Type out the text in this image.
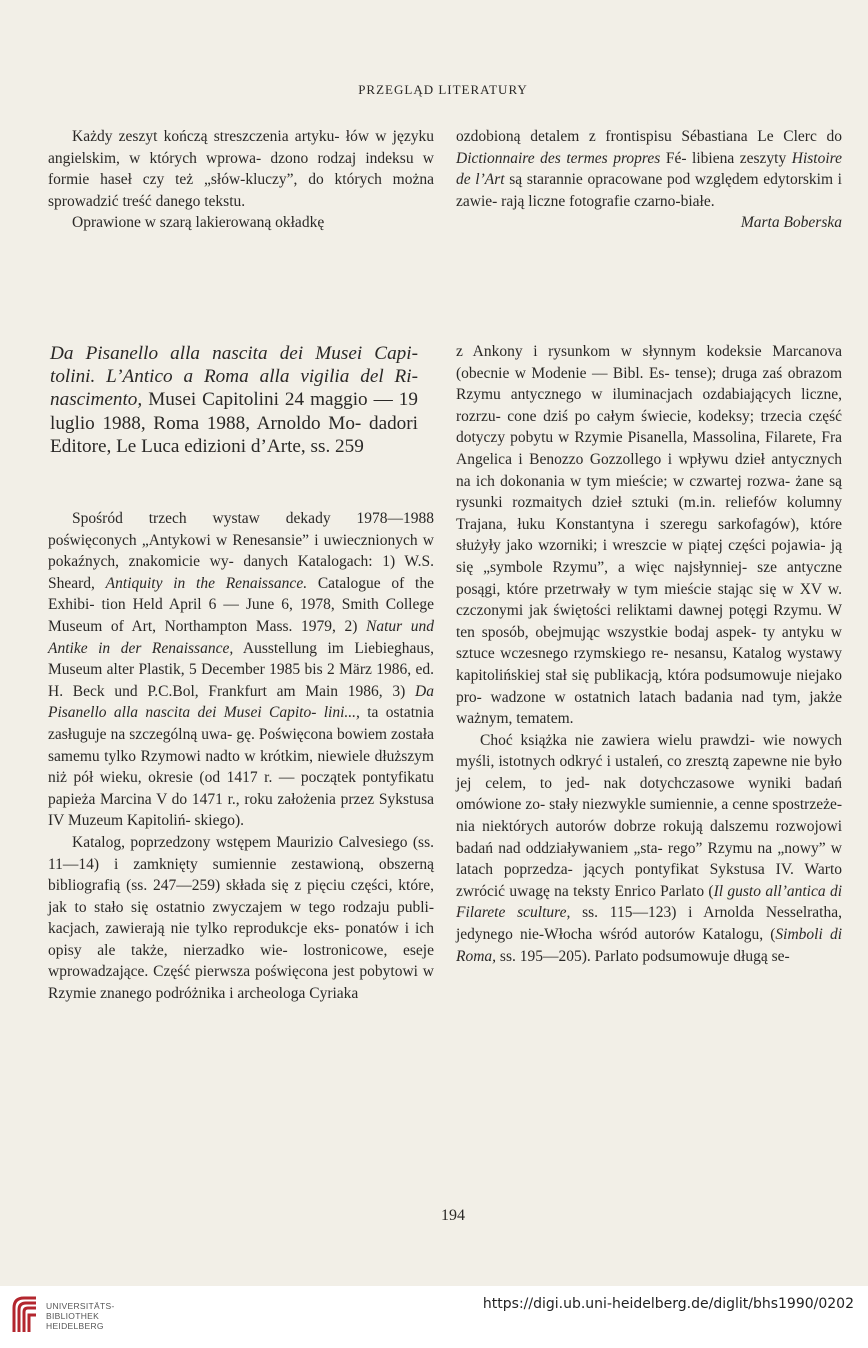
PRZEGLĄD LITERATURY

Każdy zeszyt kończą streszczenia artyku- łów w języku angielskim, w których wprowa- dzono rodzaj indeksu w formie haseł czy też „słów-kluczy”, do których można sprowadzić treść danego tekstu.

Oprawione w szarą lakierowaną okładkę

ozdobioną detalem z frontispisu Sébastiana Le Clerc do Dictionnaire des termes propres Fé- libiena zeszyty Histoire de l’Art są starannie opracowane pod względem edytorskim i zawie- rają liczne fotografie czarno-białe.

Marta Boberska
Da Pisanello alla nascita dei Musei Capi- tolini. L’Antico a Roma alla vigilia del Ri- nascimento, Musei Capitolini 24 maggio — 19 luglio 1988, Roma 1988, Arnoldo Mo- dadori Editore, Le Luca edizioni d’Arte, ss. 259

Spośród trzech wystaw dekady 1978—1988 poświęconych „Antykowi w Renesansie” i uwiecznionych w pokaźnych, znakomicie wy- danych Katalogach: 1) W.S. Sheard, Antiquity in the Renaissance. Catalogue of the Exhibi- tion Held April 6 — June 6, 1978, Smith College Museum of Art, Northampton Mass. 1979, 2) Natur und Antike in der Renaissance, Ausstellung im Liebieghaus, Museum alter Plastik, 5 December 1985 bis 2 März 1986, ed. H. Beck und P.C.Bol, Frankfurt am Main 1986, 3) Da Pisanello alla nascita dei Musei Capito- lini..., ta ostatnia zasługuje na szczególną uwa- gę. Poświęcona bowiem została samemu tylko Rzymowi nadto w krótkim, niewiele dłuższym niż pół wieku, okresie (od 1417 r. — początek pontyfikatu papieża Marcina V do 1471 r., roku założenia przez Sykstusa IV Muzeum Kapitoliń- skiego).

Katalog, poprzedzony wstępem Maurizio Calvesiego (ss. 11—14) i zamknięty sumiennie zestawioną, obszerną bibliografią (ss. 247—259) składa się z pięciu części, które, jak to stało się ostatnio zwyczajem w tego rodzaju publi- kacjach, zawierają nie tylko reprodukcje eks- ponatów i ich opisy ale także, nierzadko wie- lostronicowe, eseje wprowadzające. Część pierwsza poświęcona jest pobytowi w Rzymie znanego podróżnika i archeologa Cyriaka

z Ankony i rysunkom w słynnym kodeksie Marcanova (obecnie w Modenie — Bibl. Es- tense); druga zaś obrazom Rzymu antycznego w iluminacjach ozdabiających liczne, rozrzu- cone dziś po całym świecie, kodeksy; trzecia część dotyczy pobytu w Rzymie Pisanella, Massolina, Filarete, Fra Angelica i Benozzo Gozzollego i wpływu dzieł antycznych na ich dokonania w tym mieście; w czwartej rozwa- żane są rysunki rozmaitych dzieł sztuki (m.in. reliefów kolumny Trajana, łuku Konstantyna i szeregu sarkofagów), które służyły jako wzorniki; i wreszcie w piątej części pojawia- ją się „symbole Rzymu”, a więc najsłynniej- sze antyczne posągi, które przetrwały w tym mieście stając się w XV w. czczonymi jak świętości reliktami dawnej potęgi Rzymu. W ten sposób, obejmując wszystkie bodaj aspek- ty antyku w sztuce wczesnego rzymskiego re- nesansu, Katalog wystawy kapitolińskiej stał się publikacją, która podsumowuje niejako pro- wadzone w ostatnich latach badania nad tym, jakże ważnym, tematem.

Choć książka nie zawiera wielu prawdzi- wie nowych myśli, istotnych odkryć i ustaleń, co zresztą zapewne nie było jej celem, to jed- nak dotychczasowe wyniki badań omówione zo- stały niezwykle sumiennie, a cenne spostrzeże- nia niektórych autorów dobrze rokują dalszemu rozwojowi badań nad oddziaływaniem „sta- rego” Rzymu na „nowy” w latach poprzedza- jących pontyfikat Sykstusa IV. Warto zwrócić uwagę na teksty Enrico Parlato (Il gusto all’antica di Filarete sculture, ss. 115—123) i Arnolda Nesselratha, jedynego nie-Włocha wśród autorów Katalogu, (Simboli di Roma, ss. 195—205). Parlato podsumowuje długą se-

194
UNIVERSITÄTS-
BIBLIOTHEK
HEIDELBERG
https://digi.ub.uni-heidelberg.de/diglit/bhs1990/0202
